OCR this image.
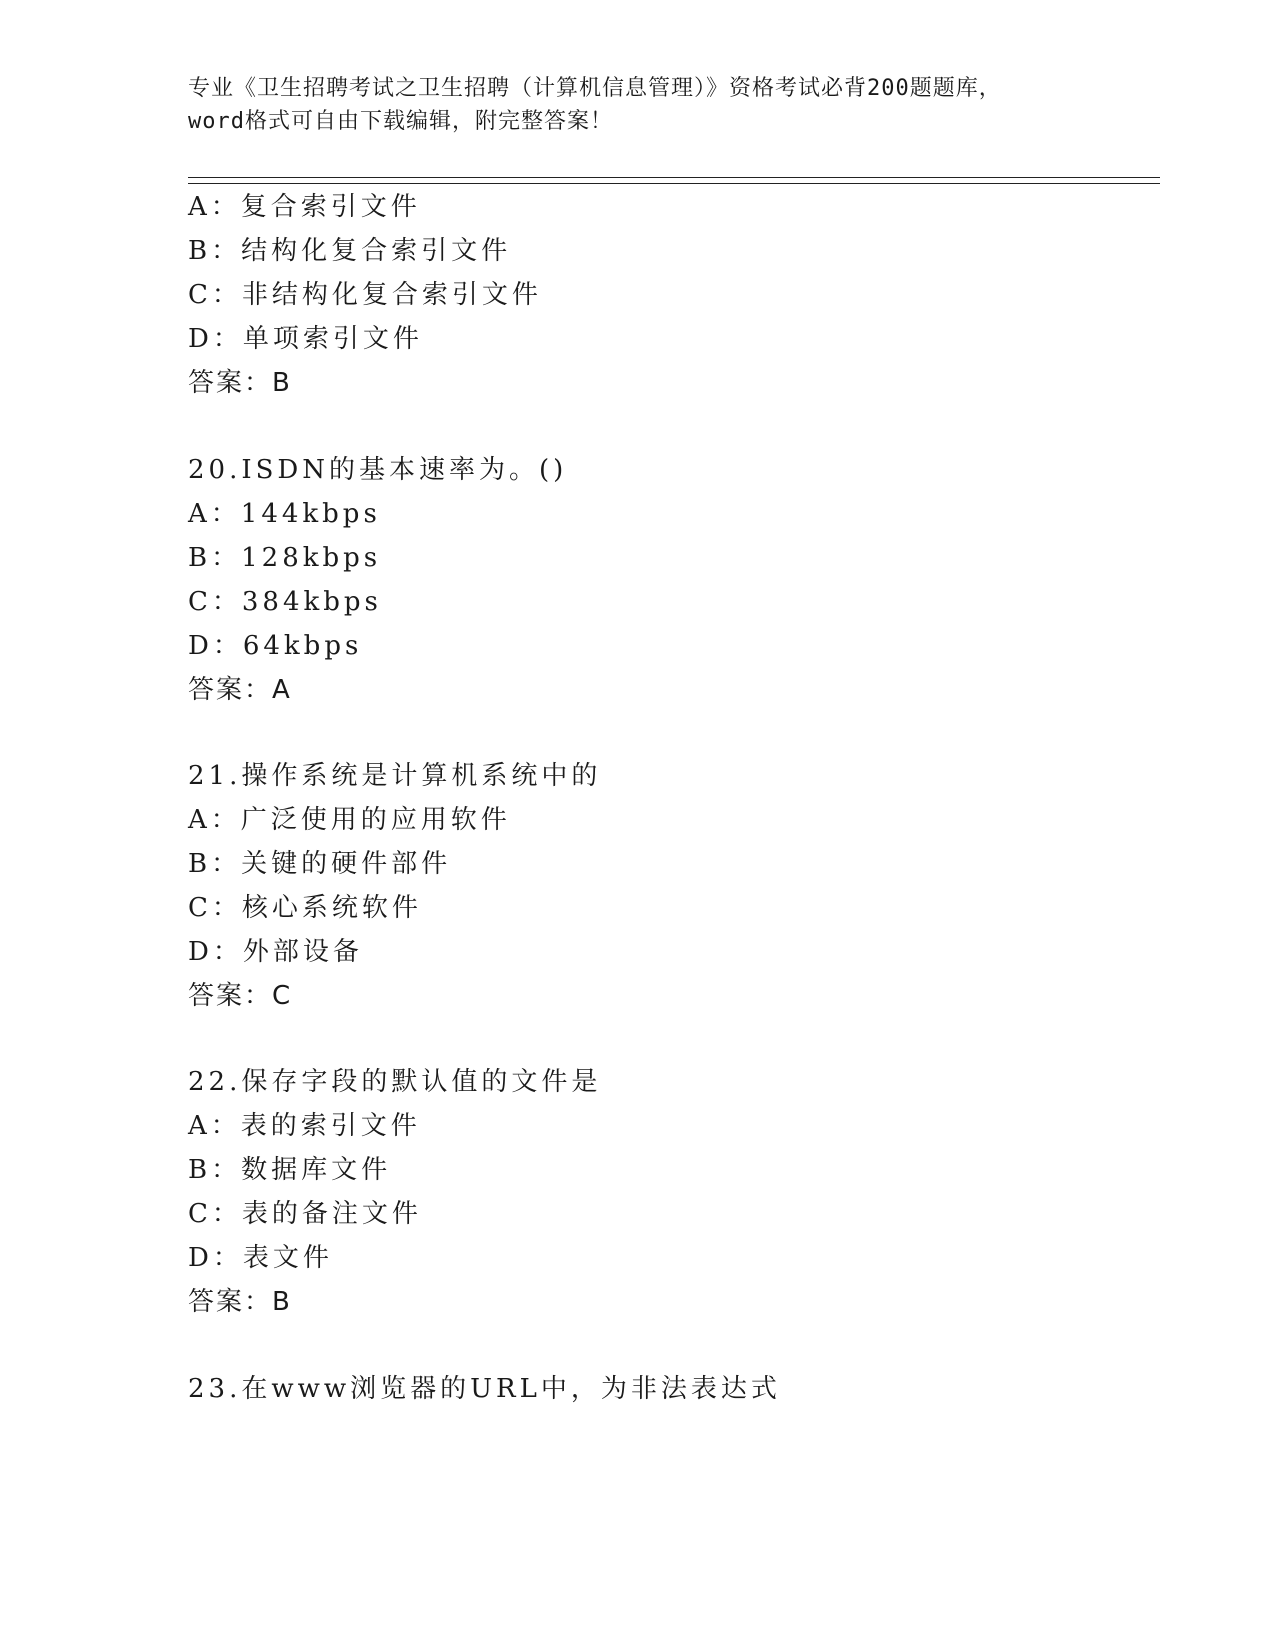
专业《卫生招聘考试之卫生招聘（计算机信息管理）》资格考试必背200题题库，
word格式可自由下载编辑，附完整答案！
A：复合索引文件
B：结构化复合索引文件
C：非结构化复合索引文件
D：单项索引文件
答案：B
20.ISDN的基本速率为。()
A：144kbps
B：128kbps
C：384kbps
D：64kbps
答案：A
21.操作系统是计算机系统中的
A：广泛使用的应用软件
B：关键的硬件部件
C：核心系统软件
D：外部设备
答案：C
22.保存字段的默认值的文件是
A：表的索引文件
B：数据库文件
C：表的备注文件
D：表文件
答案：B
23.在www浏览器的URL中，为非法表达式
